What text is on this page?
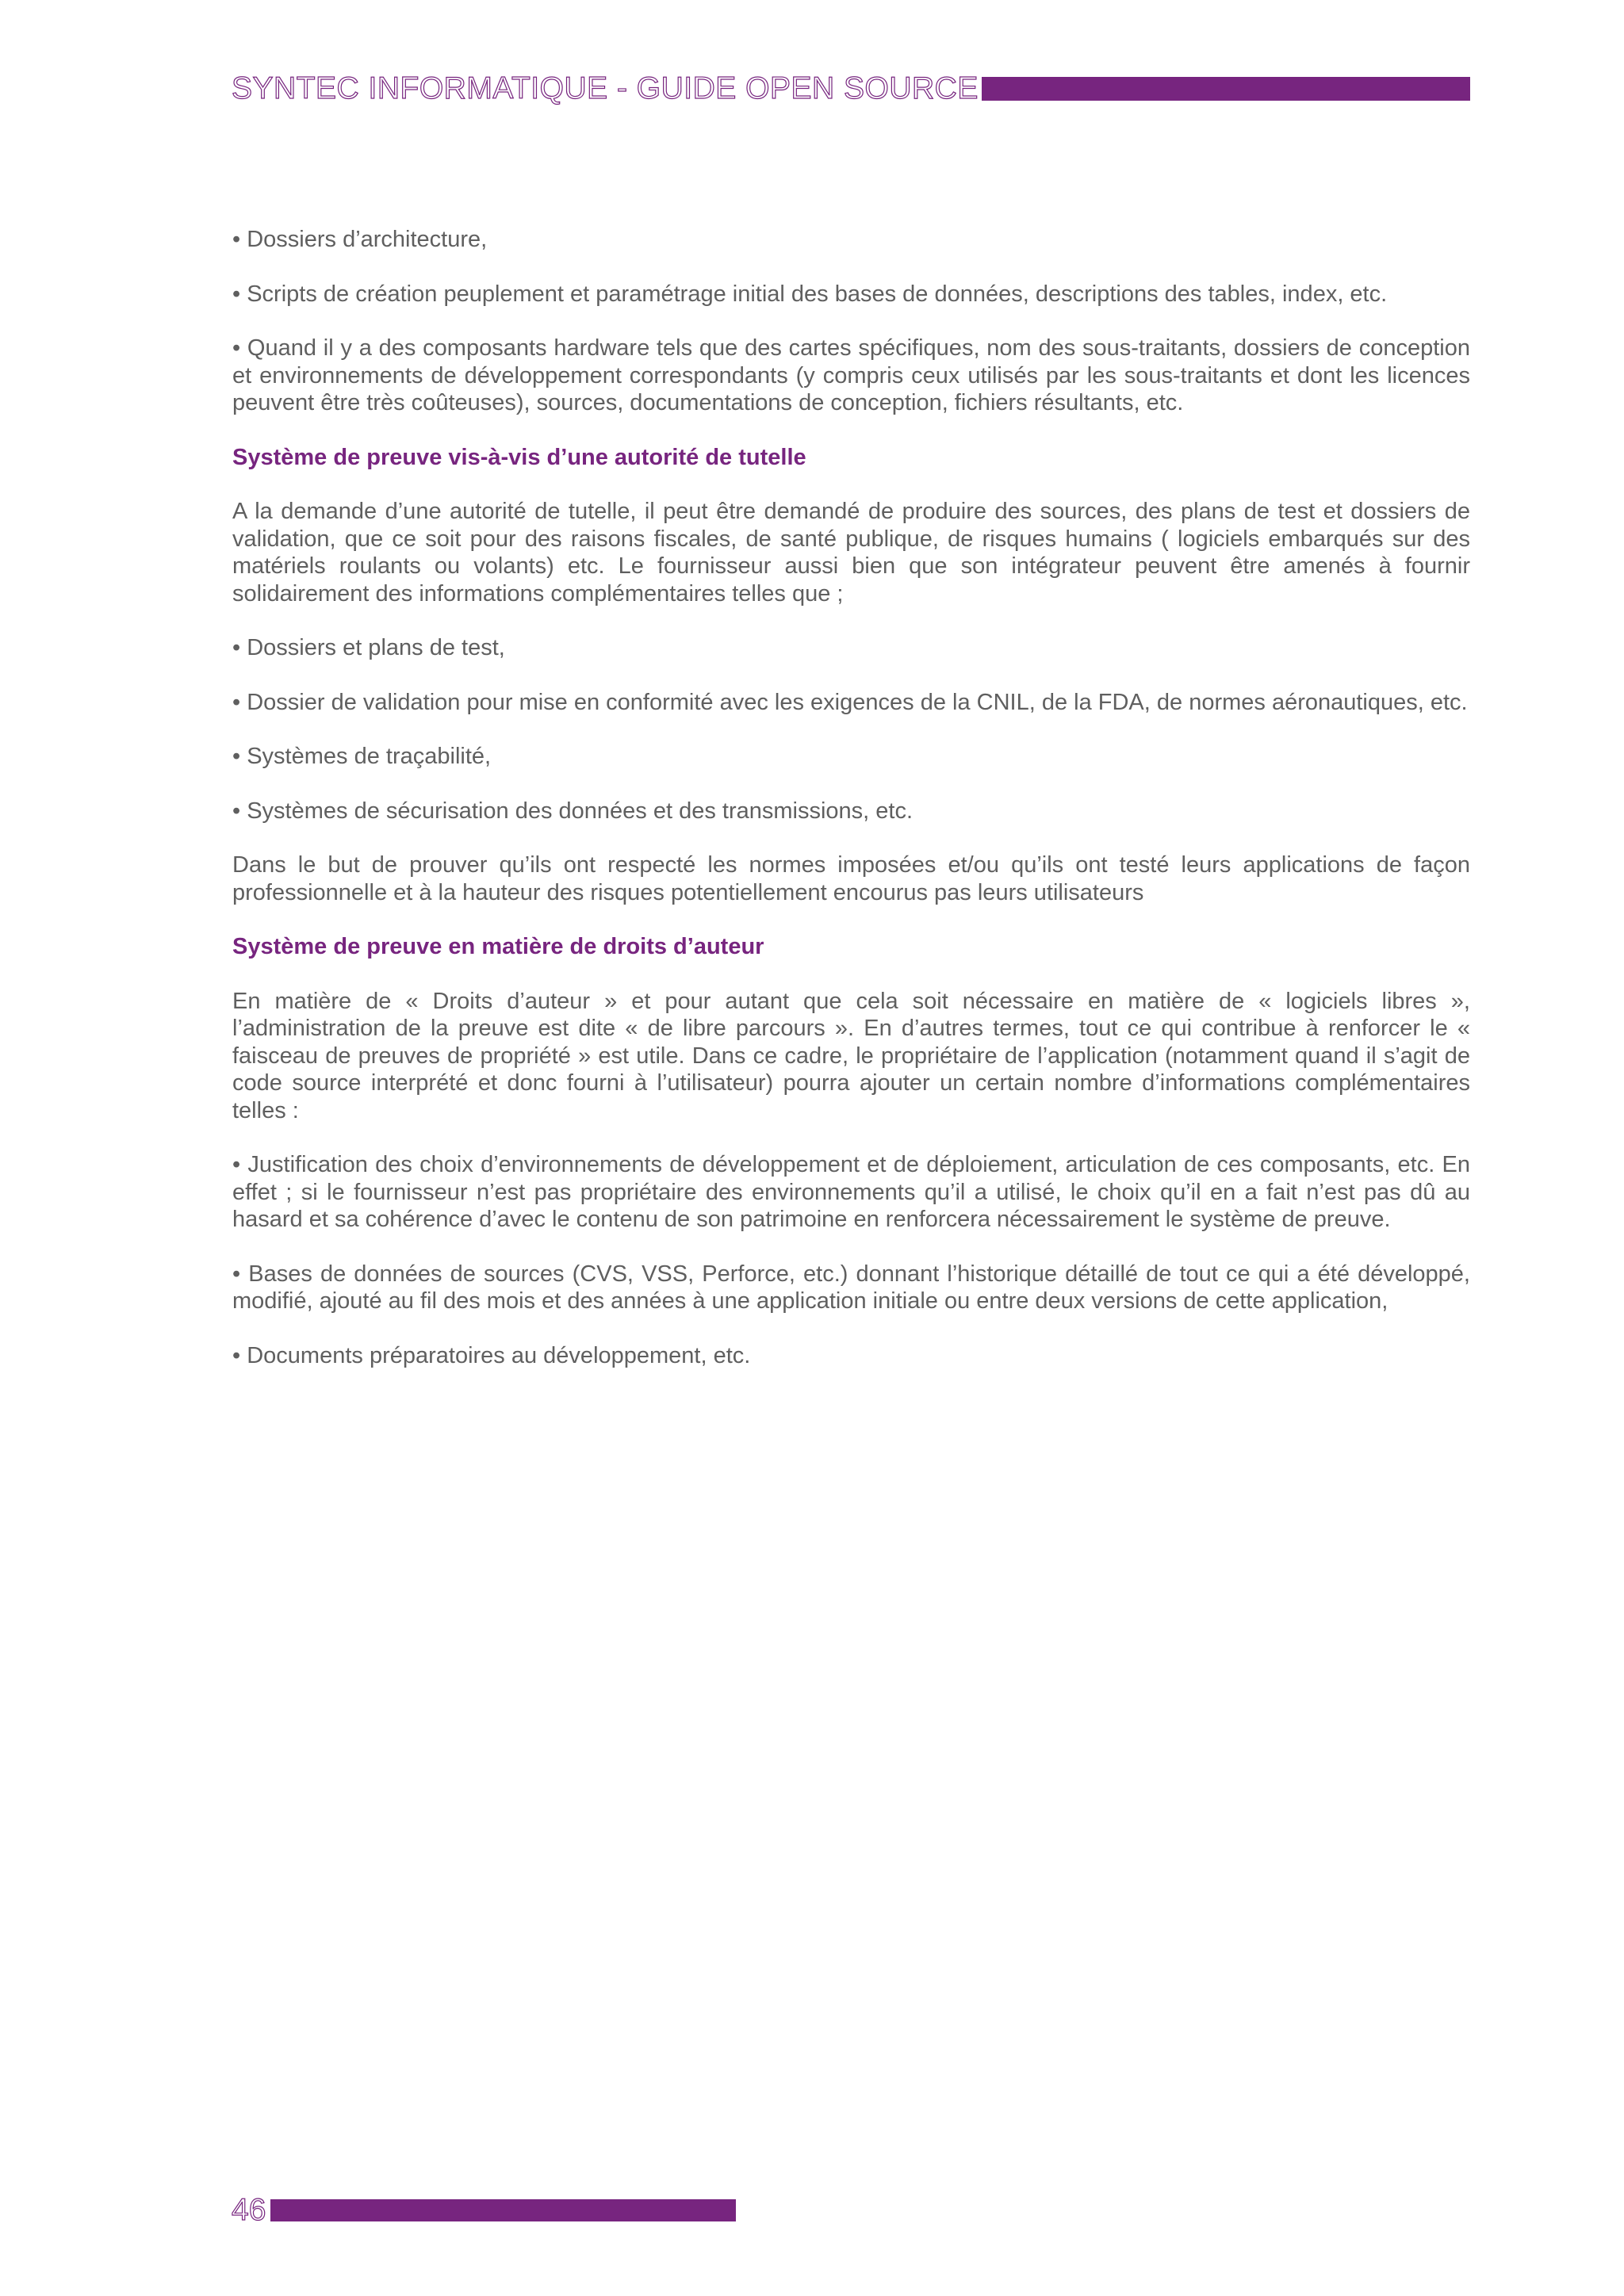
SYNTEC INFORMATIQUE - GUIDE OPEN SOURCE

• Dossiers d’architecture,

• Scripts de création peuplement et paramétrage initial des bases de données, descriptions des tables, index, etc.

• Quand il y a des composants hardware tels que des cartes spécifiques, nom des sous-traitants, dossiers de conception et environnements de développement correspondants (y compris ceux utilisés par les sous-traitants et dont les licences peuvent être très coûteuses), sources, documentations de conception, fichiers résultants, etc.

Système de preuve vis-à-vis d’une autorité de tutelle

A la demande d’une autorité de tutelle, il peut être demandé de produire des sources, des plans de test et dossiers de validation, que ce soit pour des raisons fiscales, de santé publique, de risques humains ( logiciels embarqués sur des matériels roulants ou volants) etc. Le fournisseur aussi bien que son intégrateur peuvent être amenés à fournir solidairement des informations complémentaires telles que ;

• Dossiers et plans de test,

• Dossier de validation pour mise en conformité avec les exigences de la CNIL, de la FDA, de normes aéronautiques, etc.

• Systèmes de traçabilité,

• Systèmes de sécurisation des données et des transmissions, etc.

Dans le but de prouver qu’ils ont respecté les normes imposées et/ou qu’ils ont testé leurs applications de façon professionnelle et à la hauteur des risques potentiellement encourus pas leurs utilisateurs

Système de preuve en matière de droits d’auteur

En matière de « Droits d’auteur » et pour autant que cela soit nécessaire en matière de « logiciels libres », l’administration de la preuve est dite « de libre parcours ». En d’autres termes, tout ce qui contribue à renforcer le « faisceau de preuves de propriété » est utile. Dans ce cadre, le propriétaire de l’application (notamment quand il s’agit de code source interprété et donc fourni à l’utilisateur) pourra ajouter un certain nombre d’informations complémentaires telles :

• Justification des choix d’environnements de développement et de déploiement, articulation de ces composants, etc. En effet ; si le fournisseur n’est pas propriétaire des environnements qu’il a utilisé, le choix qu’il en a fait n’est pas dû au hasard et sa cohérence d’avec le contenu de son patrimoine en renforcera nécessairement le système de preuve.

• Bases de données de sources (CVS, VSS, Perforce, etc.) donnant l’historique détaillé de tout ce qui a été développé, modifié, ajouté au fil des mois et des années à une application initiale ou entre deux versions de cette application,

• Documents préparatoires au développement, etc.

46
